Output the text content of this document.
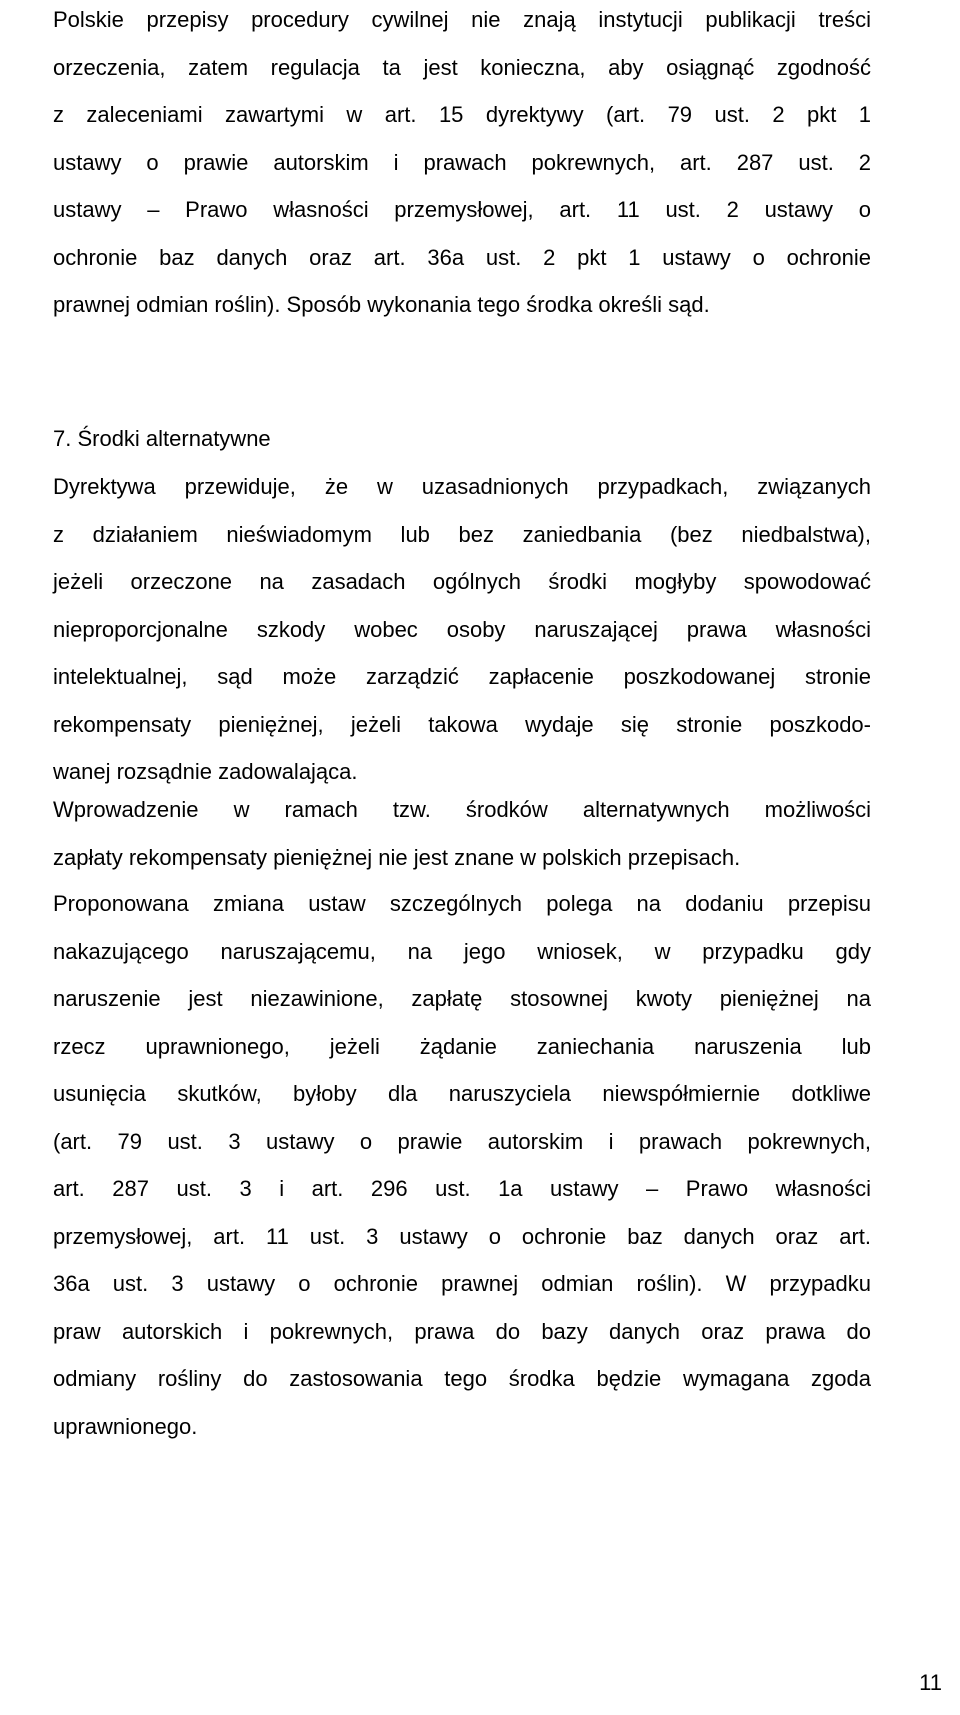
Polskie przepisy procedury cywilnej nie znają instytucji publikacji treści
orzeczenia, zatem regulacja ta jest konieczna, aby osiągnąć zgodność
z zaleceniami zawartymi w art. 15 dyrektywy (art. 79 ust. 2 pkt 1
ustawy o prawie autorskim i prawach pokrewnych, art. 287 ust. 2
ustawy – Prawo własności przemysłowej, art. 11 ust. 2 ustawy o
ochronie baz danych oraz art. 36a ust. 2 pkt 1 ustawy o ochronie
prawnej odmian roślin). Sposób wykonania tego środka określi sąd.
7. Środki alternatywne
Dyrektywa przewiduje, że w uzasadnionych przypadkach, związanych
z działaniem nieświadomym lub bez zaniedbania (bez niedbalstwa),
jeżeli orzeczone na zasadach ogólnych środki mogłyby spowodować
nieproporcjonalne szkody wobec osoby naruszającej prawa własności
intelektualnej, sąd może zarządzić zapłacenie poszkodowanej stronie
rekompensaty pieniężnej, jeżeli takowa wydaje się stronie poszkodo-
wanej rozsądnie zadowalająca.
Wprowadzenie w ramach tzw. środków alternatywnych możliwości
zapłaty rekompensaty pieniężnej nie jest znane w polskich przepisach.
Proponowana zmiana ustaw szczególnych polega na dodaniu przepisu
nakazującego naruszającemu, na jego wniosek, w przypadku gdy
naruszenie jest niezawinione, zapłatę stosownej kwoty pieniężnej na
rzecz uprawnionego, jeżeli żądanie zaniechania naruszenia lub
usunięcia skutków, byłoby dla naruszyciela niewspółmiernie dotkliwe
(art. 79 ust. 3 ustawy o prawie autorskim i prawach pokrewnych,
art. 287 ust. 3 i art. 296 ust. 1a ustawy – Prawo własności
przemysłowej, art. 11 ust. 3 ustawy o ochronie baz danych oraz art.
36a ust. 3 ustawy o ochronie prawnej odmian roślin). W przypadku
praw autorskich i pokrewnych, prawa do bazy danych oraz prawa do
odmiany rośliny do zastosowania tego środka będzie wymagana zgoda
uprawnionego.
11
